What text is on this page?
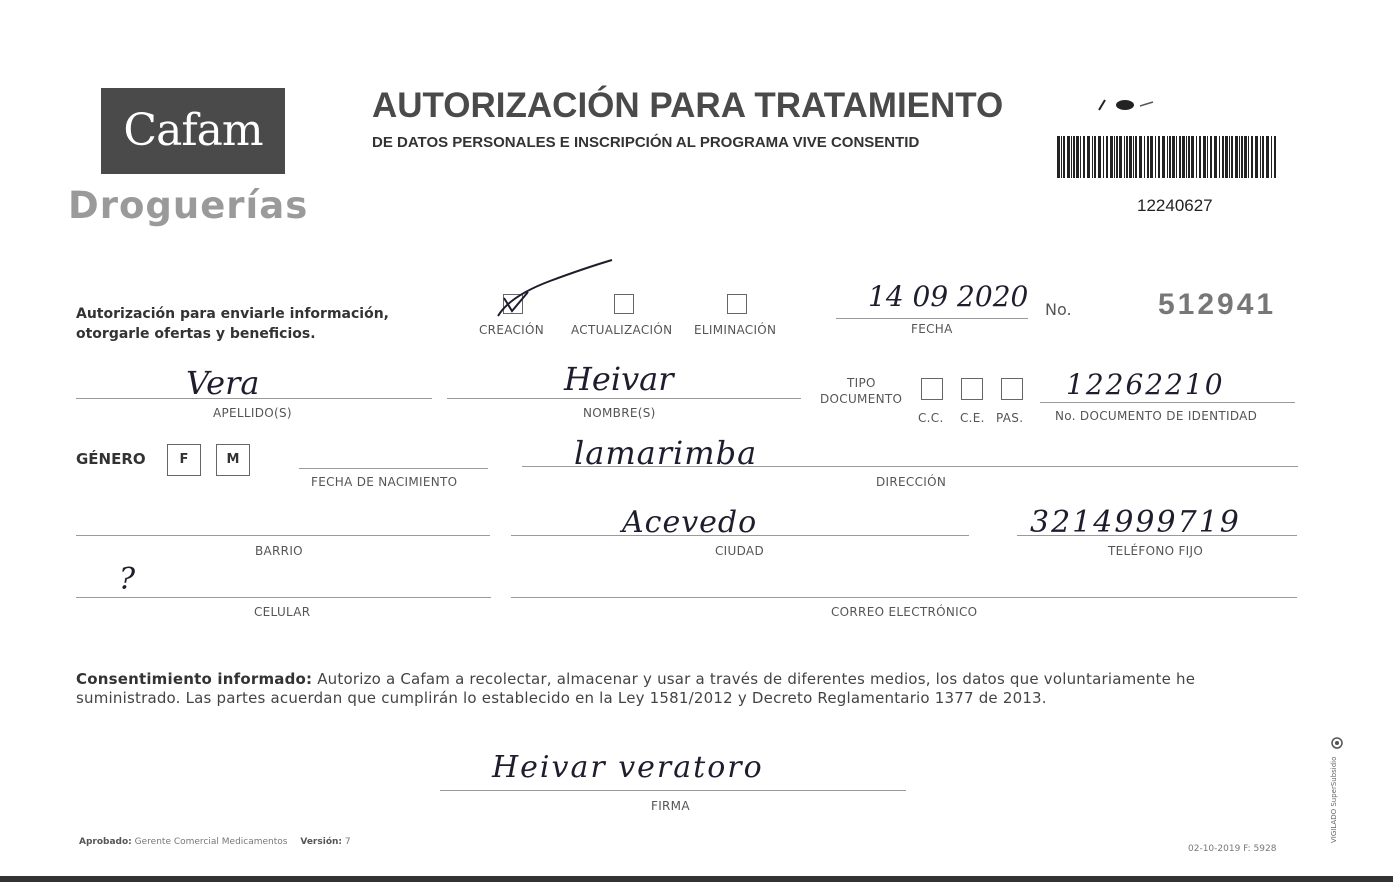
Cafam
Droguerías
AUTORIZACIÓN PARA TRATAMIENTO
DE DATOS PERSONALES E INSCRIPCIÓN AL PROGRAMA VIVE CONSENTID
12240627
Autorización para enviarle información,
otorgarle ofertas y beneficios.	CREACIÓN ACTUALIZACIÓN ELIMINACIÓN
14 09 2020
FECHA
No.	512941
Vera
APELLIDO(S)
Heivar
NOMBRE(S)
TIPO
DOCUMENTO
C.C. C.E. PAS.
12262210
No. DOCUMENTO DE IDENTIDAD
GÉNERO	F	M
FECHA DE NACIMIENTO
lamarimba
DIRECCIÓN
BARRIO
Acevedo
CIUDAD
3214999719
TELÉFONO FIJO
?
CELULAR	CORREO ELECTRÓNICO
Consentimiento informado: Autorizo a Cafam a recolectar, almacenar y usar a través de diferentes medios, los datos que voluntariamente he suministrado. Las partes acuerdan que cumplirán lo establecido en la Ley 1581/2012 y Decreto Reglamentario 1377 de 2013.
Heivar veratoro
FIRMA
Aprobado: Gerente Comercial Medicamentos Versión: 7
02-10-2019 F: 5928
VIGILADO SuperSubsidio
